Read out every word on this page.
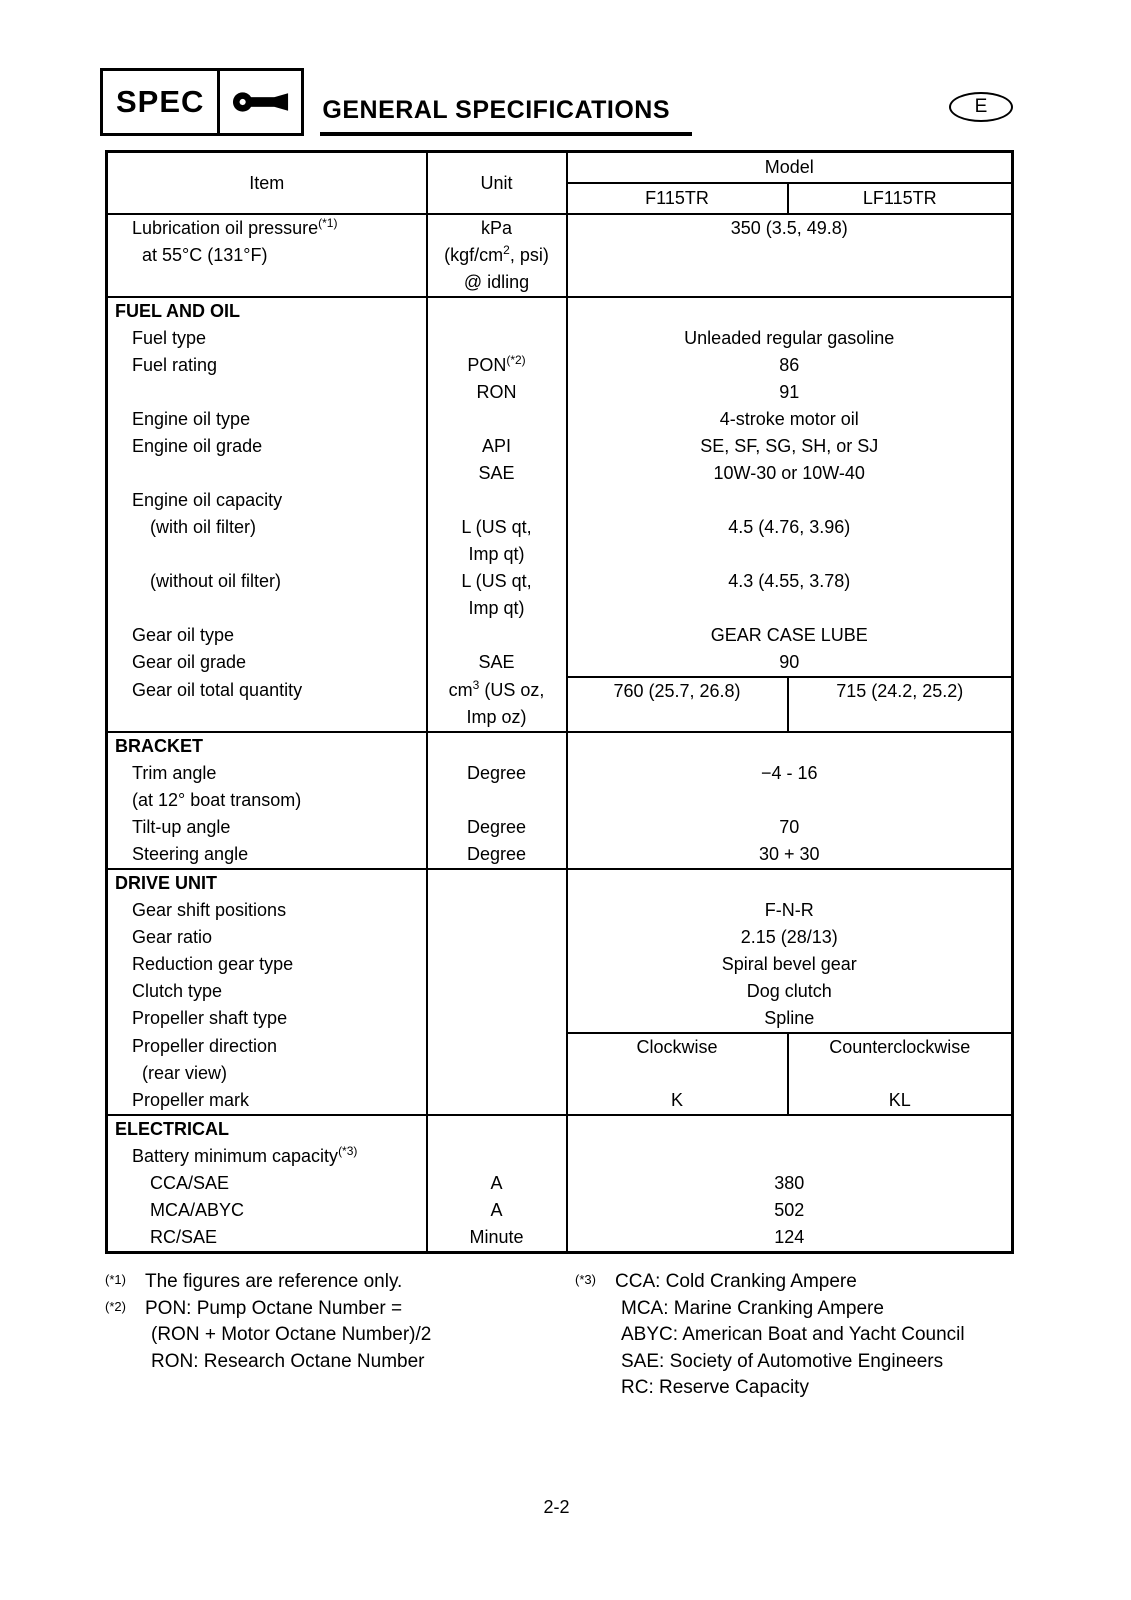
SPEC	GENERAL SPECIFICATIONS	E
Item	Unit	Model	
		F115TR	LF115TR
Lubrication oil pressure$^{(*1)}$
at 55°C (131°F)	kPa
($kgf/cm^2$, psi)
@ idling	350 (3.5, 49.8)	
FUEL AND OIL			
Fuel type		Unleaded regular gasoline	
Fuel rating	$PON^{(*2)}$	86	
	RON	91	
Engine oil type		4-stroke motor oil	
Engine oil grade	API	SE, SF, SG, SH, or SJ	
	SAE	10W-30 or 10W-40	
Engine oil capacity			
(with oil filter)	L (US qt,
Imp qt)	4.5 (4.76, 3.96)	
(without oil filter)	L (US qt,
Imp qt)	4.3 (4.55, 3.78)	
Gear oil type		GEAR CASE LUBE	
Gear oil grade	SAE	90	
Gear oil total quantity	$cm^3$ (US oz,
Imp oz)	760 (25.7, 26.8)	715 (24.2, 25.2)
BRACKET			
Trim angle
(at 12° boat transom)	Degree	−4 - 16	
Tilt-up angle	Degree	70	
Steering angle	Degree	30 + 30	
DRIVE UNIT			
Gear shift positions		F-N-R	
Gear ratio		2.15 (28/13)	
Reduction gear type		Spiral bevel gear	
Clutch type		Dog clutch	
Propeller shaft type		Spline	
Propeller direction
(rear view)		Clockwise	Counterclockwise
Propeller mark		K	KL
ELECTRICAL			
Battery minimum capacity$^{(*3)}$		
CCA/SAE	A	380	
MCA/ABYC	A	502	
RC/SAE	Minute	124	
(*1)	The figures are reference only.
(*2)	PON: Pump Octane Number =
(RON + Motor Octane Number)/2
RON: Research Octane Number
(*3)	CCA: Cold Cranking Ampere
MCA: Marine Cranking Ampere
ABYC: American Boat and Yacht Council
SAE: Society of Automotive Engineers
RC: Reserve Capacity
2-2
